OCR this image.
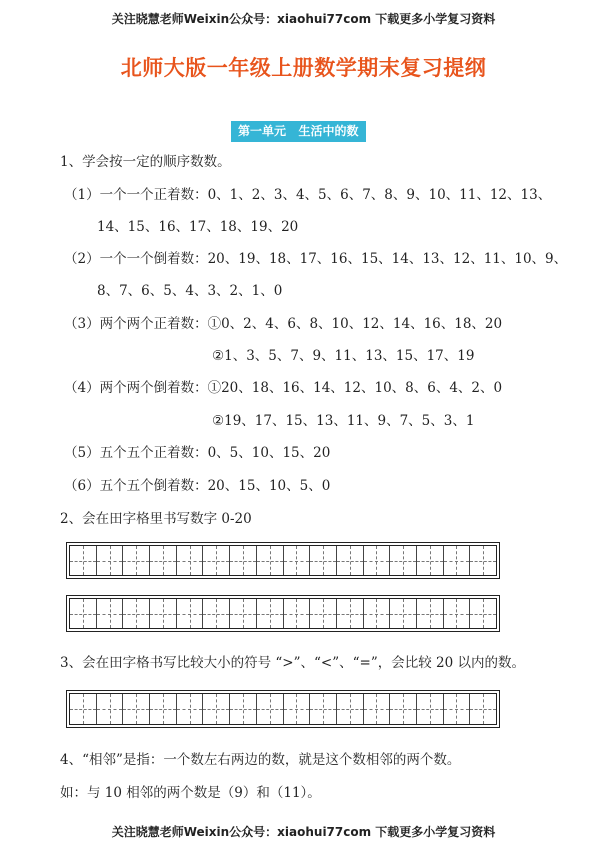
关注晓慧老师Weixin公众号：xiaohui77com 下载更多小学复习资料
北师大版一年级上册数学期末复习提纲
第一单元   生活中的数
1、学会按一定的顺序数数。
（1）一个一个正着数：0、1、2、3、4、5、6、7、8、9、10、11、12、13、
14、15、16、17、18、19、20
（2）一个一个倒着数：20、19、18、17、16、15、14、13、12、11、10、9、
8、7、6、5、4、3、2、1、0
（3）两个两个正着数：①0、2、4、6、8、10、12、14、16、18、20
②1、3、5、7、9、11、13、15、17、19
（4）两个两个倒着数：①20、18、16、14、12、10、8、6、4、2、0
②19、17、15、13、11、9、7、5、3、1
（5）五个五个正着数：0、5、10、15、20
（6）五个五个倒着数：20、15、10、5、0
2、会在田字格里书写数字 0-20
3、会在田字格书写比较大小的符号 “>”、“<”、“=”，会比较 20 以内的数。
4、“相邻”是指：一个数左右两边的数，就是这个数相邻的两个数。
如：与 10 相邻的两个数是（9）和（11）。
关注晓慧老师Weixin公众号：xiaohui77com 下载更多小学复习资料
